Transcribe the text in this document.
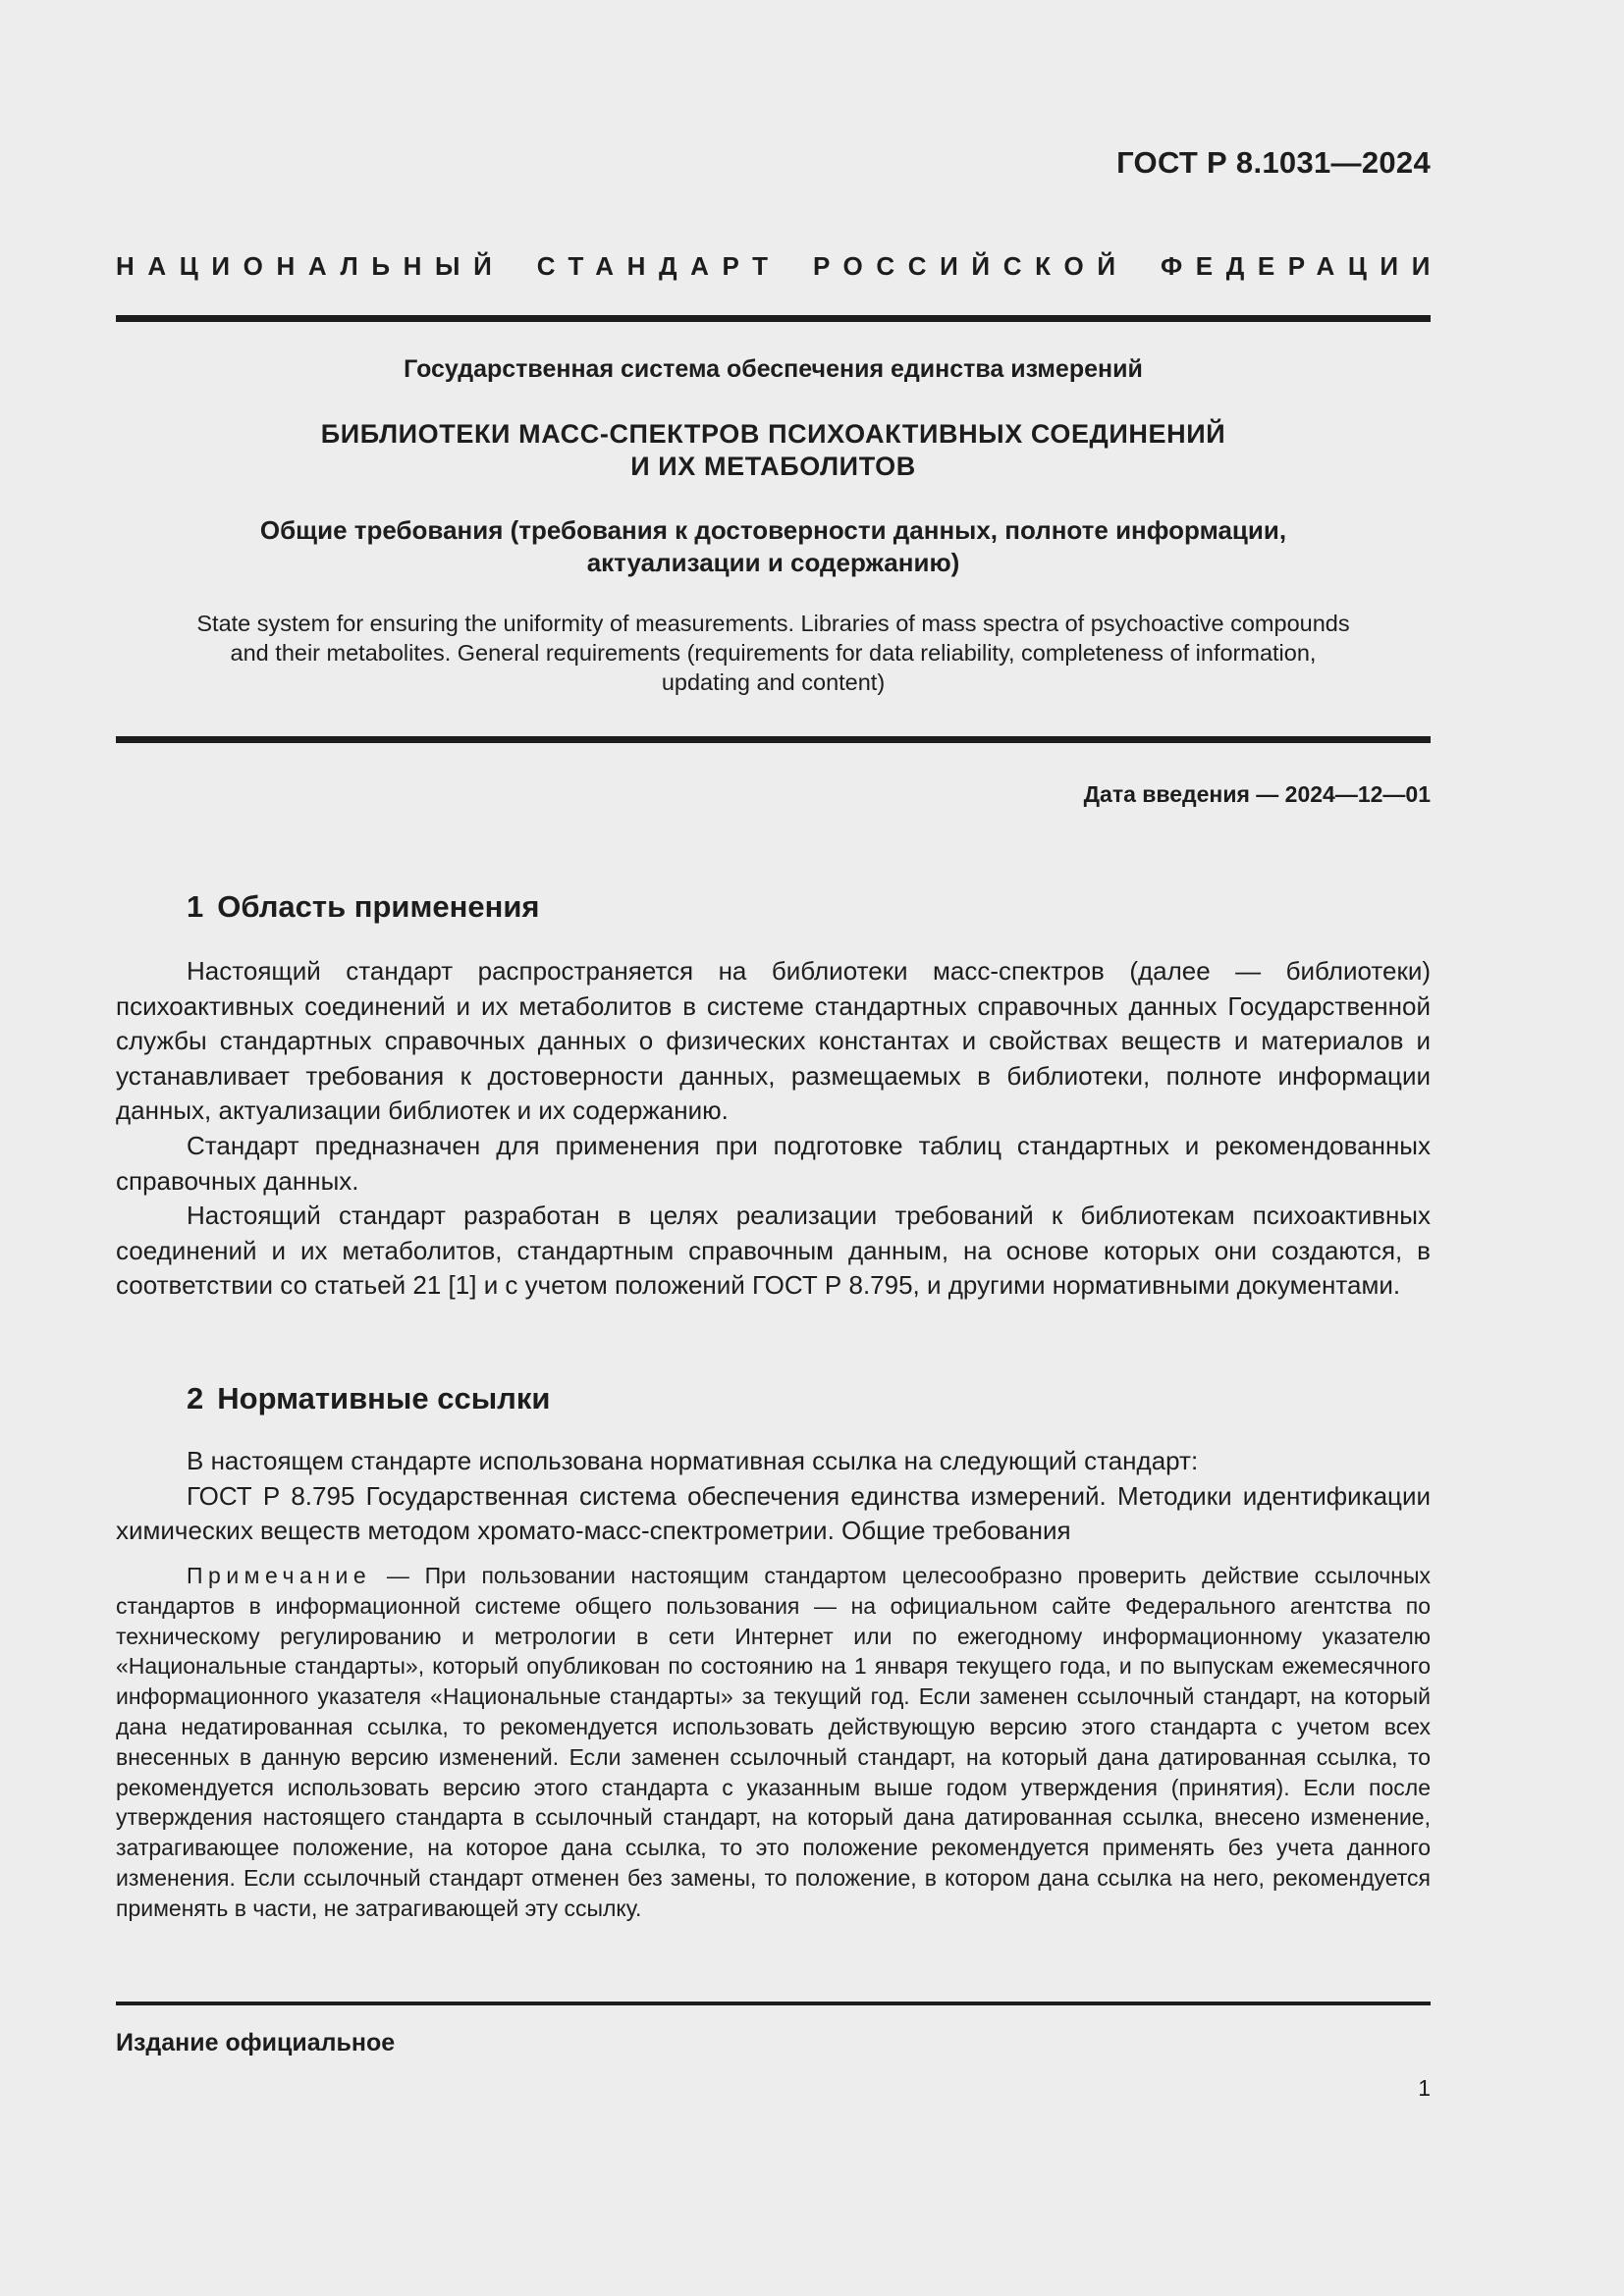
ГОСТ Р 8.1031—2024
НАЦИОНАЛЬНЫЙ СТАНДАРТ РОССИЙСКОЙ ФЕДЕРАЦИИ
Государственная система обеспечения единства измерений
БИБЛИОТЕКИ МАСС-СПЕКТРОВ ПСИХОАКТИВНЫХ СОЕДИНЕНИЙ
И ИХ МЕТАБОЛИТОВ
Общие требования (требования к достоверности данных, полноте информации,
актуализации и содержанию)
State system for ensuring the uniformity of measurements. Libraries of mass spectra of psychoactive compounds
and their metabolites. General requirements (requirements for data reliability, completeness of information,
updating and content)
Дата введения — 2024—12—01
1 Область применения

Настоящий стандарт распространяется на библиотеки масс-спектров (далее — библиотеки) психоактивных соединений и их метаболитов в системе стандартных справочных данных Государственной службы стандартных справочных данных о физических константах и свойствах веществ и материалов и устанавливает требования к достоверности данных, размещаемых в библиотеки, полноте информации данных, актуализации библиотек и их содержанию.

Стандарт предназначен для применения при подготовке таблиц стандартных и рекомендованных справочных данных.

Настоящий стандарт разработан в целях реализации требований к библиотекам психоактивных соединений и их метаболитов, стандартным справочным данным, на основе которых они создаются, в соответствии со статьей 21 [1] и с учетом положений ГОСТ Р 8.795, и другими нормативными документами.

2 Нормативные ссылки

В настоящем стандарте использована нормативная ссылка на следующий стандарт:

ГОСТ Р 8.795 Государственная система обеспечения единства измерений. Методики идентификации химических веществ методом хромато-масс-спектрометрии. Общие требования

Примечание — При пользовании настоящим стандартом целесообразно проверить действие ссылочных стандартов в информационной системе общего пользования — на официальном сайте Федерального агентства по техническому регулированию и метрологии в сети Интернет или по ежегодному информационному указателю «Национальные стандарты», который опубликован по состоянию на 1 января текущего года, и по выпускам ежемесячного информационного указателя «Национальные стандарты» за текущий год. Если заменен ссылочный стандарт, на который дана недатированная ссылка, то рекомендуется использовать действующую версию этого стандарта с учетом всех внесенных в данную версию изменений. Если заменен ссылочный стандарт, на который дана датированная ссылка, то рекомендуется использовать версию этого стандарта с указанным выше годом утверждения (принятия). Если после утверждения настоящего стандарта в ссылочный стандарт, на который дана датированная ссылка, внесено изменение, затрагивающее положение, на которое дана ссылка, то это положение рекомендуется применять без учета данного изменения. Если ссылочный стандарт отменен без замены, то положение, в котором дана ссылка на него, рекомендуется применять в части, не затрагивающей эту ссылку.
Издание официальное
1
